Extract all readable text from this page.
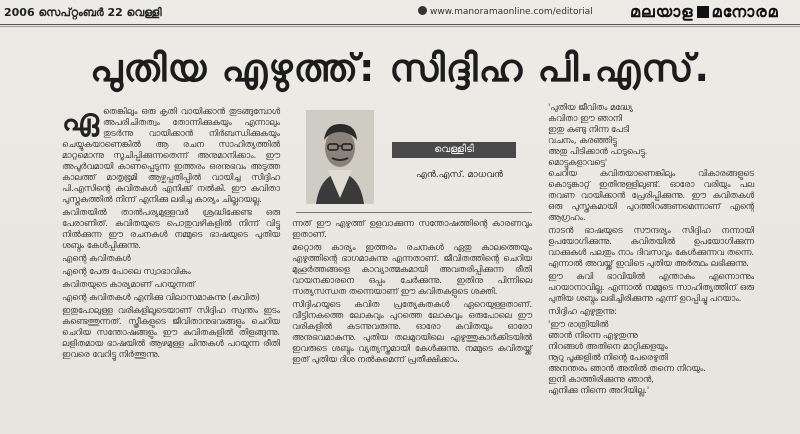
2006 സെപ്റ്റംബർ 22 വെള്ളി	www.manoramaonline.com/editorial മലയാള മനോരമ
പുതിയ എഴുത്ത്: സിദ്ദിഹ പി.എസ്.
ഏ തെങ്കിലും ഒരു കൃതി വായിക്കാൻ തുടങ്ങുമ്പോൾ അപരിചിതത്വം തോന്നിക്കുകയും എന്നാലും തുടർന്നു വായിക്കാൻ നിർബന്ധിക്കുകയും ചെയ്യുകയാണെങ്കിൽ ആ രചന സാഹിത്യത്തിൽ മാറ്റമൊന്നു സൂചിപ്പിക്കുന്നതെന്ന് അനുമാനിക്കാം. ഈ അപൂർവമായി കാണപ്പെടുന്ന ഇത്തരം ഒരനുഭവം അടുത്ത കാലത്ത് മാതൃഭൂമി ആഴ്ചപ്പതിപ്പിൽ വായിച്ച സിദ്ദിഹ പി.എസിന്റെ കവിതകൾ എനിക്ക് നൽകി. ഈ കവിതാ പുസ്തകത്തിൽ നിന്ന് എനിക്കു ലഭിച്ച കാര്യം ചില്ലറയല്ല.

കവിതയിൽ താൽപര്യമുള്ളവർ ശ്രദ്ധിക്കേണ്ട ഒരു പേരാണിത്. കവിതയുടെ പൊതുവഴികളിൽ നിന്ന് വിട്ടു നിൽക്കുന്ന ഈ രചനകൾ നമ്മുടെ ഭാഷയുടെ പുതിയ ശബ്ദം കേൾപ്പിക്കുന്നു.

എന്റെ കവിതകൾ

എന്റെ പേരു പോലെ സ്വാഭാവികം

കവിതയുടെ കാര്യമാണ് പറയുന്നത്

എന്റെ കവിതകൾ എനിക്കു വിലാസമാകുന്നു (കവിത)

ഇതുപോലുള്ള വരികളിലൂടെയാണ് സിദ്ദിഹ സ്വന്തം ഇടം കണ്ടെത്തുന്നത്. സ്ത്രീകളുടെ ജീവിതാനുഭവങ്ങളും ചെറിയ ചെറിയ സന്തോഷങ്ങളും ഈ കവിതകളിൽ തിളങ്ങുന്നു. ലളിതമായ ഭാഷയിൽ ആഴമുള്ള ചിന്തകൾ പറയുന്ന രീതി ഇവരെ വേറിട്ടു നിർത്തുന്നു.

വെള്ളിടി
എൻ.എസ്. മാധവൻ

ന്നത് ഈ എഴുത്ത് ഉളവാക്കുന്ന സന്തോഷത്തിന്റെ കാരണവും ഇതാണ്.

മറ്റൊരു കാര്യം ഇത്തരം രചനകൾ ഏതു കാലത്തെയും എഴുത്തിന്റെ ഭാഗമാകുന്നു എന്നതാണ്. ജീവിതത്തിന്റെ ചെറിയ മുഹൂർത്തങ്ങളെ കാവ്യാത്മകമായി അവതരിപ്പിക്കുന്ന രീതി വായനക്കാരനെ ഒപ്പം ചേർക്കുന്നു. ഇതിനു പിന്നിലെ സത്യസന്ധത തന്നെയാണ് ഈ കവിതകളുടെ ശക്തി.

സിദ്ദിഹയുടെ കവിത പ്രത്യേകതകൾ ഏറെയുള്ളതാണ്. വീട്ടിനകത്തെ ലോകവും പുറത്തെ ലോകവും ഒരുപോലെ ഈ വരികളിൽ കടന്നുവരുന്നു. ഓരോ കവിതയും ഓരോ അനുഭവമാകുന്നു. പുതിയ തലമുറയിലെ എഴുത്തുകാർക്കിടയിൽ ഇവരുടെ ശബ്ദം വ്യത്യസ്തമായി കേൾക്കുന്നു. നമ്മുടെ കവിതയ്ക്ക് ഇത് പുതിയ ദിശ നൽകുമെന്ന് പ്രതീക്ഷിക്കാം.

'പുതിയ ജീവിതം മദ്ധ്യേ

കവിതാ ഈ ഞാനി

ഇതു കണ്ടു നിന്ന പേടി

വചനം, കരഞ്ഞിട്ടു

അതു പിടിക്കാൻ പാടുപെട്ടു.

മൊട്ടുകളാവട്ടെ'

ചെറിയ കവിതയാണെങ്കിലും വികാരങ്ങളുടെ കൊടുങ്കാറ്റ് ഇതിനുള്ളിലുണ്ട്. ഓരോ വരിയും പല തവണ വായിക്കാൻ പ്രേരിപ്പിക്കുന്നു. ഈ കവിതകൾ ഒരു പുസ്തകമായി പുറത്തിറങ്ങണമെന്നാണ് എന്റെ ആഗ്രഹം.

നാടൻ ഭാഷയുടെ സൗന്ദര്യം സിദ്ദിഹ നന്നായി ഉപയോഗിക്കുന്നു. കവിതയിൽ ഉപയോഗിക്കുന്ന വാക്കുകൾ പലതും നാം ദിവസവും കേൾക്കുന്നവ തന്നെ. എന്നാൽ അവയ്ക്ക് ഇവിടെ പുതിയ അർത്ഥം ലഭിക്കുന്നു.

ഈ കവി ഭാവിയിൽ എന്താകും എന്നൊന്നും പറയാനാവില്ല. എന്നാൽ നമ്മുടെ സാഹിത്യത്തിന് ഒരു പുതിയ ശബ്ദം ലഭിച്ചിരിക്കുന്നു എന്ന് ഉറപ്പിച്ചു പറയാം.

സിദ്ദിഹ എഴുതുന്നു:

'ഈ രാത്രിയിൽ

ഞാൻ നിന്നെ എഴുതുന്നു

നിറങ്ങൾ അതിനെ മാറ്റിക്കളയും

നൂറു പൂക്കളിൽ നിന്റെ പേരെഴുതി

അനന്തരം ഞാൻ അതിൽ തന്നെ നിറയും.

ഇനി കാത്തിരിക്കുന്നു ഞാൻ,

എനിക്കു നിന്നെ അറിയില്ല.'
